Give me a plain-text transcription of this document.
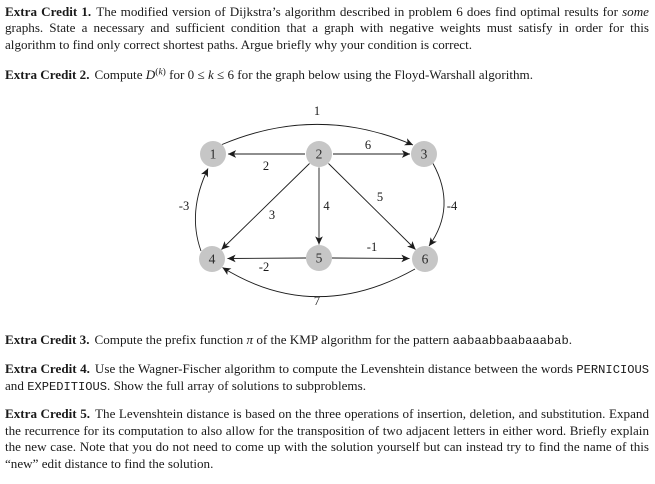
Extra Credit 1. The modified version of Dijkstra’s algorithm described in problem 6 does find optimal results for some graphs. State a necessary and sufficient condition that a graph with negative weights must satisfy in order for this algorithm to find only correct shortest paths. Argue briefly why your condition is correct.

Extra Credit 2. Compute $D^{(k)}$ for 0 ≤ k ≤ 6 for the graph below using the Floyd-Warshall algorithm.

1
2
6
3
4
5
-3	-4
-2
-1
7
1	2	3
4	5	6

Extra Credit 3. Compute the prefix function π of the KMP algorithm for the pattern aabaabbaabaaabab.

Extra Credit 4. Use the Wagner-Fischer algorithm to compute the Levenshtein distance between the words PERNICIOUS and EXPEDITIOUS. Show the full array of solutions to subproblems.

Extra Credit 5. The Levenshtein distance is based on the three operations of insertion, deletion, and substitution. Expand the recurrence for its computation to also allow for the transposition of two adjacent letters in either word. Briefly explain the new case. Note that you do not need to come up with the solution yourself but can instead try to find the name of this “new” edit distance to find the solution.
